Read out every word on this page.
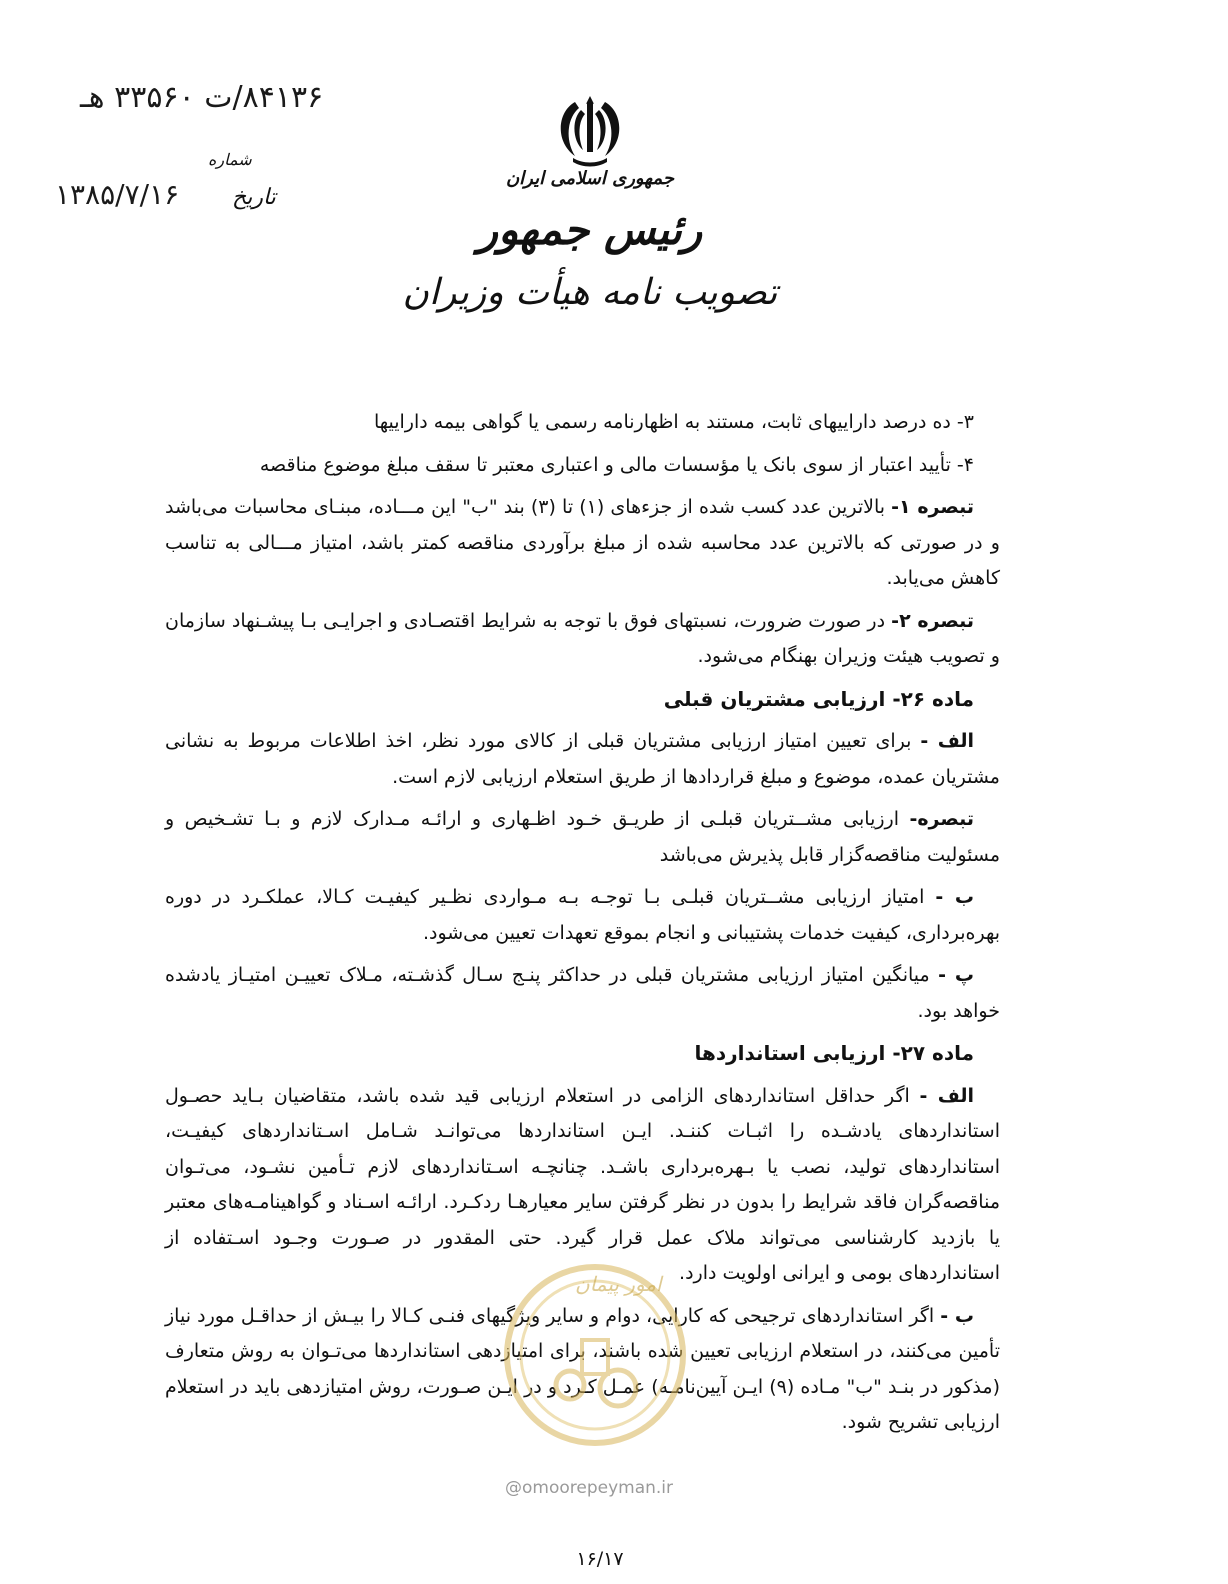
۸۴۱۳۶/ت ۳۳۵۶۰ هـ
شماره
تاریخ
۱۳۸۵/۷/۱۶	جمهوری اسلامی ایران
رئیس جمهور
تصویب نامه هیأت وزیران

۳- ده درصد داراییهای ثابت، مستند به اظهارنامه رسمی یا گواهی بیمه داراییها

۴- تأیید اعتبار از سوی بانک یا مؤسسات مالی و اعتباری معتبر تا سقف مبلغ موضوع مناقصه

تبصره ۱- بالاترین عدد کسب شده از جزءهای (۱) تا (۳) بند "ب" این مـــاده، مبنـای محاسبات می‌باشد و در صورتی که بالاترین عدد محاسبه شده از مبلغ برآوردی مناقصه کمتر باشد، امتیاز مـــالی به تناسب کاهش می‌یابد.

تبصره ۲- در صورت ضرورت، نسبتهای فوق با توجه به شرایط اقتصـادی و اجرایـی بـا پیشـنهاد سازمان و تصویب هیئت وزیران بهنگام می‌شود.

ماده ۲۶- ارزیابی مشتریان قبلی

الف - برای تعیین امتیاز ارزیابی مشتریان قبلی از کالای مورد نظر، اخذ اطلاعات مربوط به نشانی مشتریان عمده، موضوع و مبلغ قراردادها از طریق استعلام ارزیابی لازم است.

تبصره- ارزیابی مشــتریان قبلـی از طریـق خـود اظـهاری و ارائـه مـدارک لازم و بـا تشـخیص و مسئولیت مناقصه‌گزار قابل پذیرش می‌باشد

ب - امتیاز ارزیابی مشــتریان قبلـی بـا توجـه بـه مـواردی نظـیر کیفیـت کـالا، عملکـرد در دوره بهره‌برداری، کیفیت خدمات پشتیبانی و انجام بموقع تعهدات تعیین می‌شود.

پ - میانگین امتیاز ارزیابی مشتریان قبلی در حداکثر پنـج سـال گذشـته، مـلاک تعییـن امتیـاز یادشده خواهد بود.

ماده ۲۷- ارزیابی استانداردها

الف - اگر حداقل استانداردهای الزامی در استعلام ارزیابی قید شده باشد، متقاضیان بـاید حصـول استانداردهای یادشـده را اثبـات کننـد. ایـن استانداردها می‌توانـد شـامل اسـتانداردهای کیفیـت، استانداردهای تولید، نصب یا بـهره‌برداری باشـد. چنانچـه اسـتانداردهای لازم تـأمین نشـود، می‌تـوان مناقصه‌گران فاقد شرایط را بدون در نظر گرفتن سایر معیارهـا ردکـرد. ارائـه اسـناد و گواهینامـه‌های معتبر یا بازدید کارشناسی می‌تواند ملاک عمل قرار گیرد. حتی المقدور در صـورت وجـود اسـتفاده از استانداردهای بومی و ایرانی اولویت دارد.

ب - اگر استانداردهای ترجیحی که کارایی، دوام و سایر ویژگیهای فنـی کـالا را بیـش از حداقـل مورد نیاز تأمین می‌کنند، در استعلام ارزیابی تعیین شده باشند، برای امتیازدهی استانداردها می‌تـوان به روش متعارف (مذکور در بنـد "ب" مـاده (۹) ایـن آیین‌نامـه) عمـل کـرد و در ایـن صـورت، روش امتیازدهی باید در استعلام ارزیابی تشریح شود.

امور پیمان
@omoorepeyman.ir
۱۶/۱۷
